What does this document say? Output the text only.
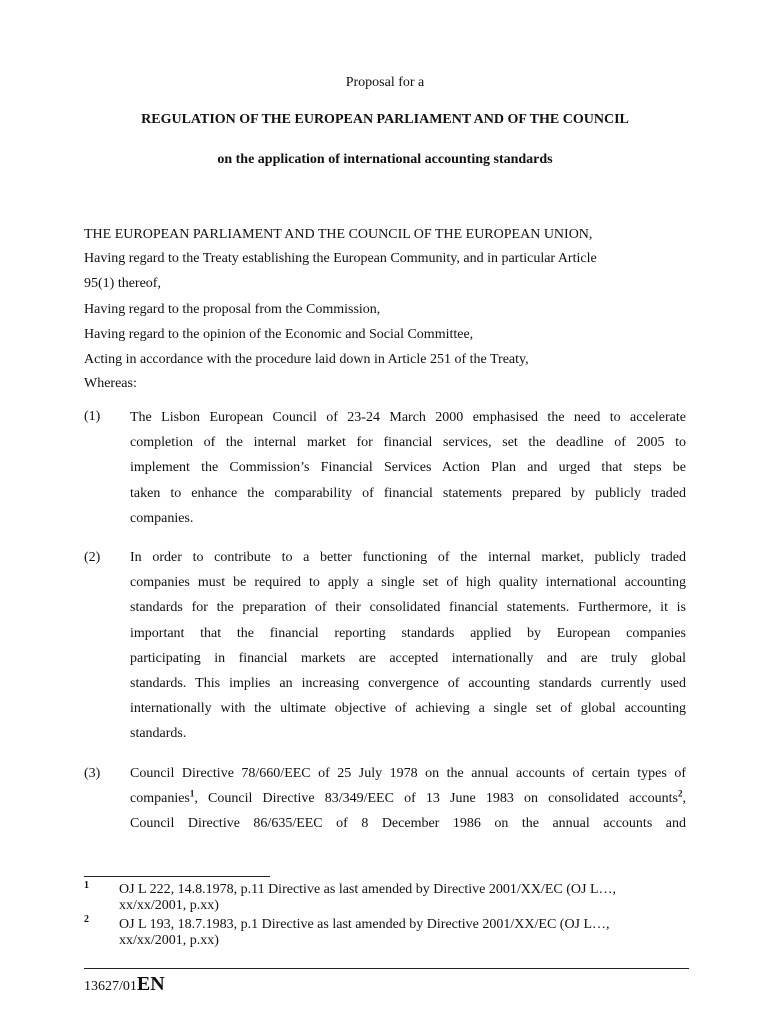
Proposal for a
REGULATION OF THE EUROPEAN PARLIAMENT AND OF THE COUNCIL
on the application of international accounting standards
THE EUROPEAN PARLIAMENT AND THE COUNCIL OF THE EUROPEAN UNION,
Having regard to the Treaty establishing the European Community, and in particular Article
95(1) thereof,
Having regard to the proposal from the Commission,
Having regard to the opinion of the Economic and Social Committee,
Acting in accordance with the procedure laid down in Article 251 of the Treaty,
Whereas:
(1) The Lisbon European Council of 23-24 March 2000 emphasised the need to accelerate
completion of the internal market for financial services, set the deadline of 2005 to
implement the Commission’s Financial Services Action Plan and urged that steps be
taken to enhance the comparability of financial statements prepared by publicly traded
companies.
(2) In order to contribute to a better functioning of the internal market, publicly traded
companies must be required to apply a single set of high quality international accounting
standards for the preparation of their consolidated financial statements. Furthermore, it is
important that the financial reporting standards applied by European companies
participating in financial markets are accepted internationally and are truly global
standards. This implies an increasing convergence of accounting standards currently used
internationally with the ultimate objective of achieving a single set of global accounting
standards.
(3) Council Directive 78/660/EEC of 25 July 1978 on the annual accounts of certain types of
companies$^1$, Council Directive 83/349/EEC of 13 June 1983 on consolidated accounts$^2$,
Council Directive 86/635/EEC of 8 December 1986 on the annual accounts and
1 OJ L 222, 14.8.1978, p.11 Directive as last amended by Directive 2001/XX/EC (OJ L…,
xx/xx/2001, p.xx)
2 OJ L 193, 18.7.1983, p.1 Directive as last amended by Directive 2001/XX/EC (OJ L…,
xx/xx/2001, p.xx)
13627/01EN
